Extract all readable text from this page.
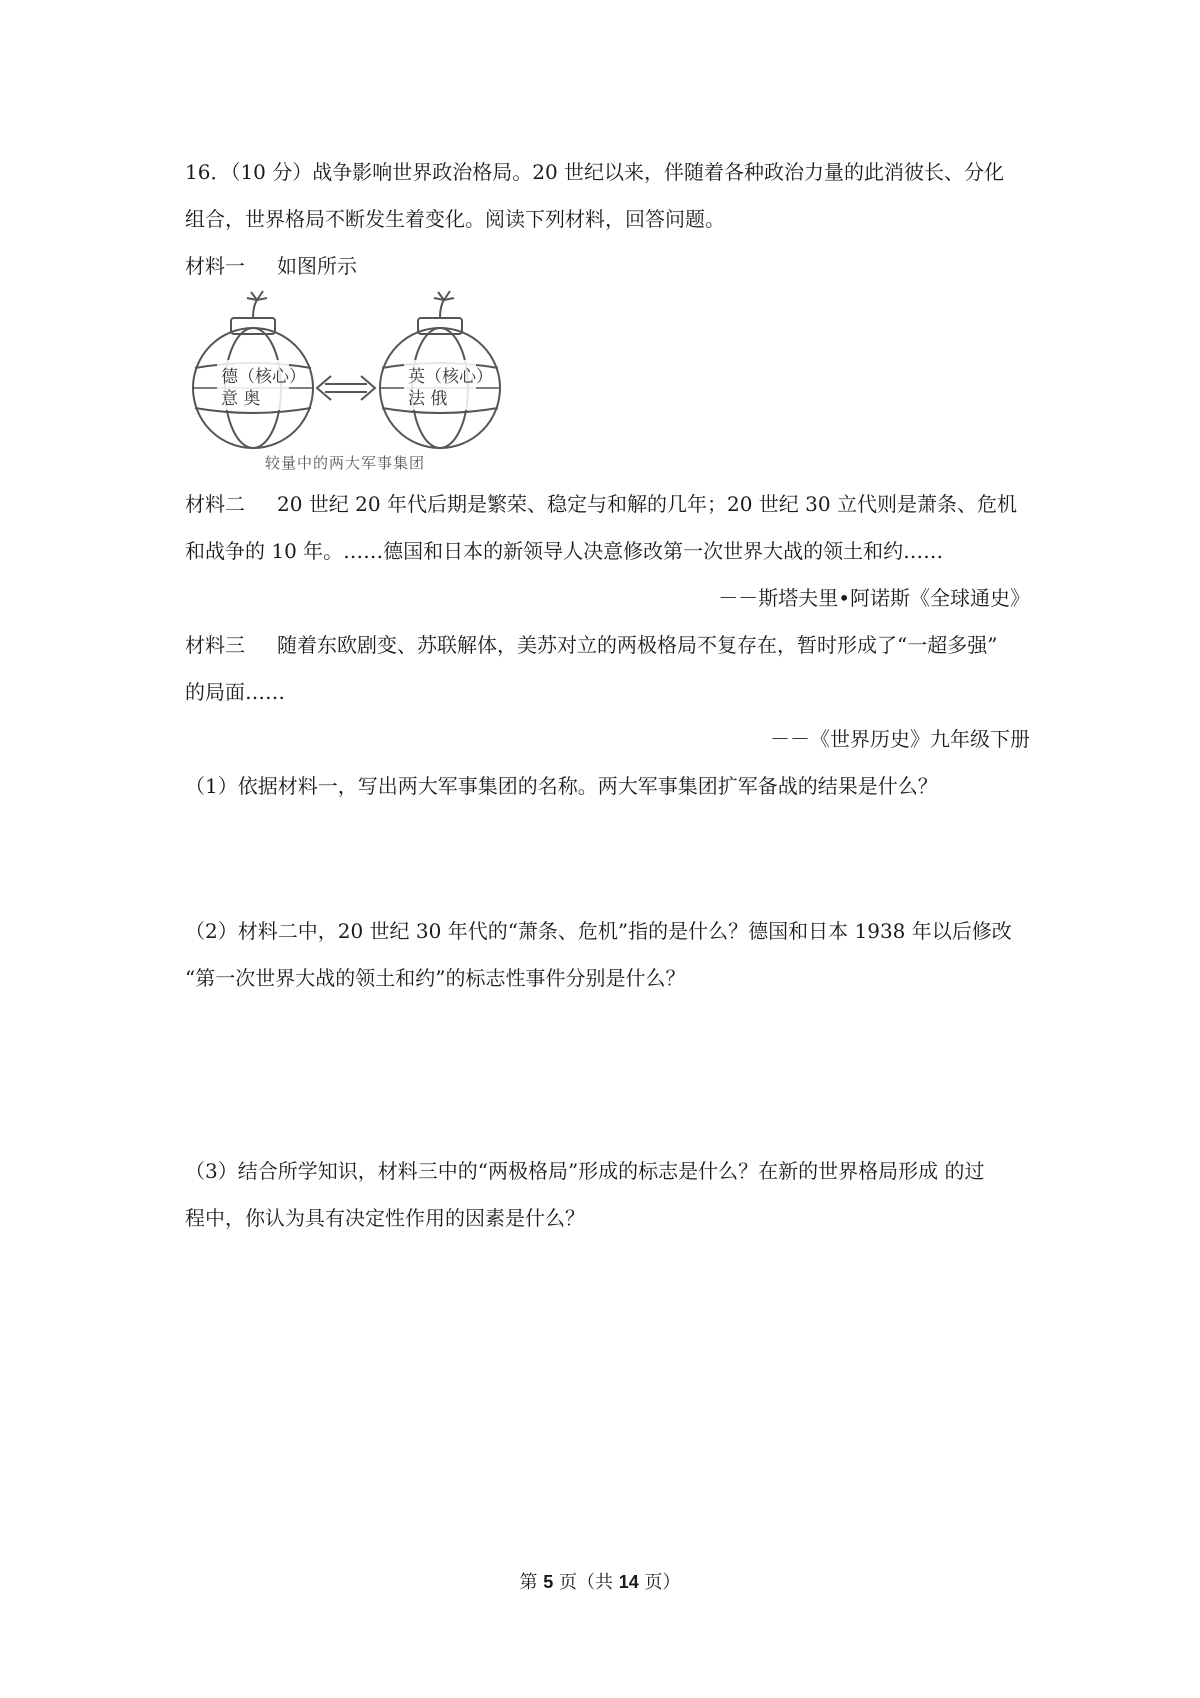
16．（10 分）战争影响世界政治格局。20 世纪以来，伴随着各种政治力量的此消彼长、分化
组合，世界格局不断发生着变化。阅读下列材料，回答问题。
材料一 如图所示
德（核心）
意 奥
英（核心）
法 俄
较量中的两大军事集团
材料二 20 世纪 20 年代后期是繁荣、稳定与和解的几年；20 世纪 30 立代则是萧条、危机
和战争的 10 年。……德国和日本的新领导人决意修改第一次世界大战的领土和约……
－－斯塔夫里•阿诺斯《全球通史》
材料三 随着东欧剧变、苏联解体，美苏对立的两极格局不复存在，暂时形成了“一超多强”
的局面……
－－《世界历史》九年级下册
（1）依据材料一，写出两大军事集团的名称。两大军事集团扩军备战的结果是什么？
（2）材料二中，20 世纪 30 年代的“萧条、危机”指的是什么？德国和日本 1938 年以后修改
“第一次世界大战的领土和约”的标志性事件分别是什么？
（3）结合所学知识，材料三中的“两极格局”形成的标志是什么？在新的世界格局形成 的过
程中，你认为具有决定性作用的因素是什么？
第 5 页（共 14 页）
